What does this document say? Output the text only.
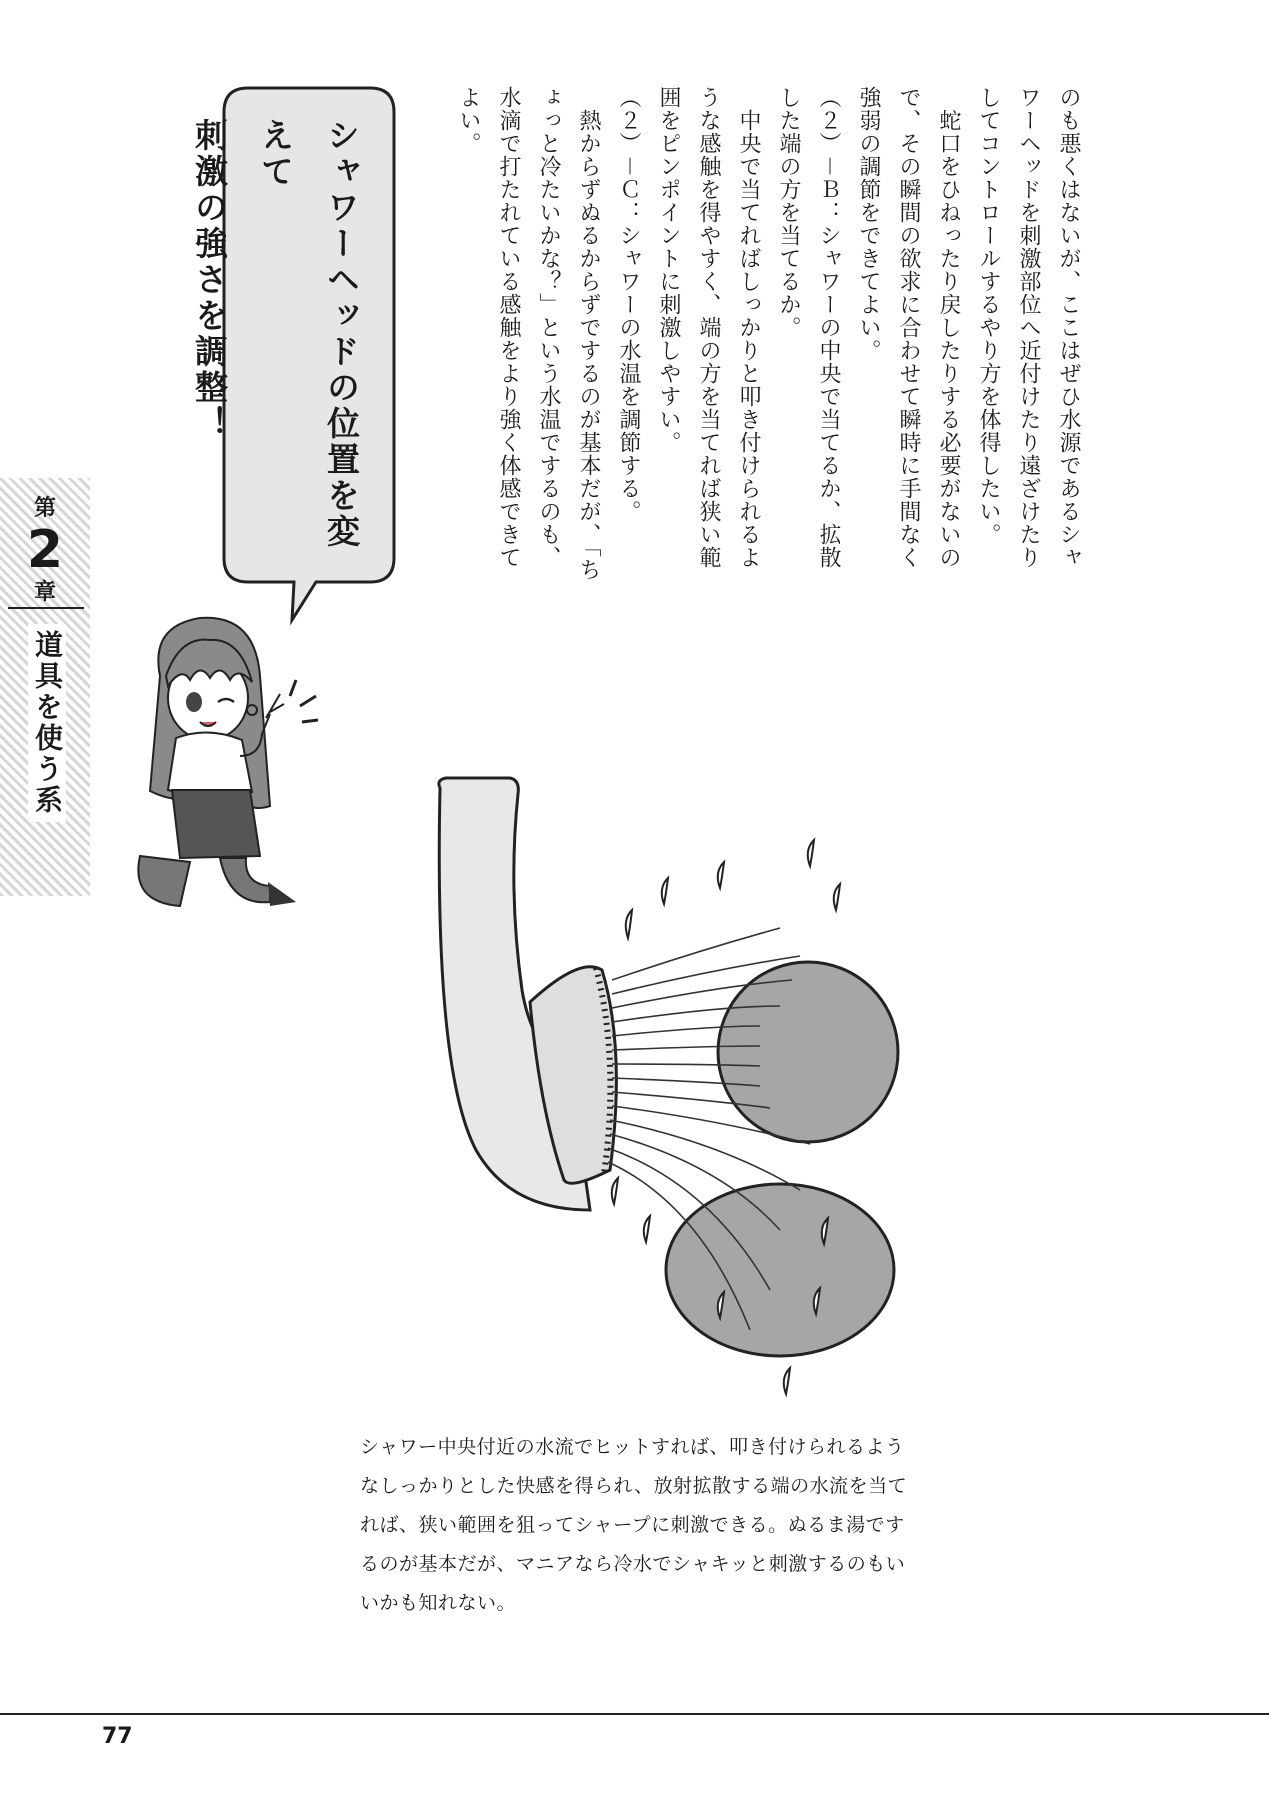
第
2
章
道具を使う系
シャワーヘッドの位置を変えて
刺激の強さを調整！	のも悪くはないが、ここはぜひ水源であるシャワーヘッドを刺激部位へ近付けたり遠ざけたりしてコントロールするやり方を体得したい。

　蛇口をひねったり戻したりする必要がないので、その瞬間の欲求に合わせて瞬時に手間なく強弱の調節をできてよい。

（２）－Ｂ：シャワーの中央で当てるか、拡散した端の方を当てるか。

　中央で当てればしっかりと叩き付けられるような感触を得やすく、端の方を当てれば狭い範囲をピンポイントに刺激しやすい。

（２）－Ｃ：シャワーの水温を調節する。

　熱からずぬるからずでするのが基本だが、「ちょっと冷たいかな？」という水温でするのも、水滴で打たれている感触をより強く体感できてよい。

シャワー中央付近の水流でヒットすれば、叩き付けられるようなしっかりとした快感を得られ、放射拡散する端の水流を当てれば、狭い範囲を狙ってシャープに刺激できる。ぬるま湯でするのが基本だが、マニアなら冷水でシャキッと刺激するのもいいかも知れない。
77
